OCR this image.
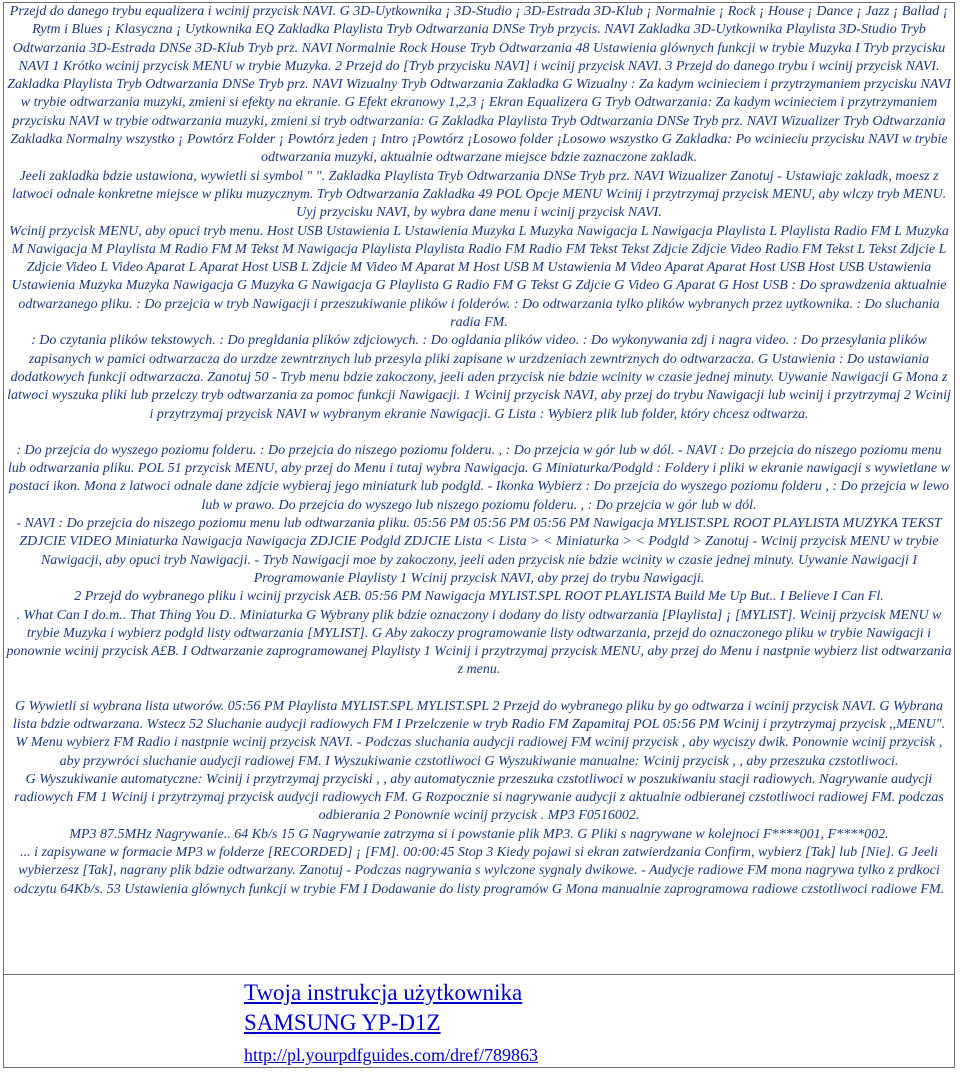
Przejd do danego trybu equalizera i wcinij przycisk NAVI. G 3D-Uytkownika ¡ 3D-Studio ¡ 3D-Estrada 3D-Klub ¡ Normalnie ¡ Rock ¡ House ¡ Dance ¡ Jazz ¡ Ballad ¡ Rytm i Blues ¡ Klasyczna ¡ Uytkownika EQ Zakladka Playlista Tryb Odtwarzania DNSe Tryb przycis. NAVI Zakladka 3D-Uytkownika Playlista 3D-Studio Tryb Odtwarzania 3D-Estrada DNSe 3D-Klub Tryb prz. NAVI Normalnie Rock House Tryb Odtwarzania 48 Ustawienia glównych funkcji w trybie Muzyka I Tryb przycisku NAVI 1 Krótko wcinij przycisk MENU w trybie Muzyka. 2 Przejd do [Tryb przycisku NAVI] i wcinij przycisk NAVI. 3 Przejd do danego trybu i wcinij przycisk NAVI. Zakladka Playlista Tryb Odtwarzania DNSe Tryb prz. NAVI Wizualny Tryb Odtwarzania Zakladka G Wizualny : Za kadym wcinieciem i przytrzymaniem przycisku NAVI w trybie odtwarzania muzyki, zmieni si efekty na ekranie. G Efekt ekranowy 1,2,3 ¡ Ekran Equalizera G Tryb Odtwarzania: Za kadym wcinieciem i przytrzymaniem przycisku NAVI w trybie odtwarzania muzyki, zmieni si tryb odtwarzania: G Zakladka Playlista Tryb Odtwarzania DNSe Tryb prz. NAVI Wizualizer Tryb Odtwarzania Zakladka Normalny wszystko ¡ Powtórz Folder ¡ Powtórz jeden ¡ Intro ¡Powtórz ¡Losowo folder ¡Losowo wszystko G Zakladka: Po wcinieciu przycisku NAVI w trybie odtwarzania muzyki, aktualnie odtwarzane miejsce bdzie zaznaczone zakladk.

Jeeli zakladka bdzie ustawiona, wywietli si symbol " ". Zakladka Playlista Tryb Odtwarzania DNSe Tryb prz. NAVI Wizualizer Zanotuj - Ustawiajc zakladk, moesz z latwoci odnale konkretne miejsce w pliku muzycznym. Tryb Odtwarzania Zakladka 49 POL Opcje MENU Wcinij i przytrzymaj przycisk MENU, aby wlczy tryb MENU. Uyj przycisku NAVI, by wybra dane menu i wcinij przycisk NAVI.

Wcinij przycisk MENU, aby opuci tryb menu. Host USB Ustawienia L Ustawienia Muzyka L Muzyka Nawigacja L Nawigacja Playlista L Playlista Radio FM L Muzyka M Nawigacja M Playlista M Radio FM M Tekst M Nawigacja Playlista Playlista Radio FM Radio FM Tekst Tekst Zdjcie Zdjcie Video Radio FM Tekst L Tekst Zdjcie L Zdjcie Video L Video Aparat L Aparat Host USB L Zdjcie M Video M Aparat M Host USB M Ustawienia M Video Aparat Aparat Host USB Host USB Ustawienia Ustawienia Muzyka Muzyka Nawigacja G Muzyka G Nawigacja G Playlista G Radio FM G Tekst G Zdjcie G Video G Aparat G Host USB : Do sprawdzenia aktualnie odtwarzanego pliku. : Do przejcia w tryb Nawigacji i przeszukiwanie plików i folderów. : Do odtwarzania tylko plików wybranych przez uytkownika. : Do sluchania radia FM.

: Do czytania plików tekstowych. : Do pregldania plików zdjciowych. : Do ogldania plików video. : Do wykonywania zdj i nagra video. : Do przesylania plików zapisanych w pamici odtwarzacza do urzdze zewntrznych lub przesyla pliki zapisane w urzdzeniach zewntrznych do odtwarzacza. G Ustawienia : Do ustawiania dodatkowych funkcji odtwarzacza. Zanotuj 50 - Tryb menu bdzie zakoczony, jeeli aden przycisk nie bdzie wcinity w czasie jednej minuty. Uywanie Nawigacji G Mona z latwoci wyszuka pliki lub przelczy tryb odtwarzania za pomoc funkcji Nawigacji. 1 Wcinij przycisk NAVI, aby przej do trybu Nawigacji lub wcinij i przytrzymaj 2 Wcinij i przytrzymaj przycisk NAVI w wybranym ekranie Nawigacji. G Lista : Wybierz plik lub folder, który chcesz odtwarza.

: Do przejcia do wyszego poziomu folderu. : Do przejcia do niszego poziomu folderu. , : Do przejcia w gór lub w dól. - NAVI : Do przejcia do niszego poziomu menu lub odtwarzania pliku. POL 51 przycisk MENU, aby przej do Menu i tutaj wybra Nawigacja. G Miniaturka/Podgld : Foldery i pliki w ekranie nawigacji s wywietlane w postaci ikon. Mona z latwoci odnale dane zdjcie wybieraj jego miniaturk lub podgld. - Ikonka Wybierz : Do przejcia do wyszego poziomu folderu , : Do przejcia w lewo lub w prawo. Do przejcia do wyszego lub niszego poziomu folderu. , : Do przejcia w gór lub w dól.

- NAVI : Do przejcia do niszego poziomu menu lub odtwarzania pliku. 05:56 PM 05:56 PM 05:56 PM Nawigacja MYLIST.SPL ROOT PLAYLISTA MUZYKA TEKST ZDJCIE VIDEO Miniaturka Nawigacja Nawigacja ZDJCIE Podgld ZDJCIE Lista < Lista > < Miniaturka > < Podgld > Zanotuj - Wcinij przycisk MENU w trybie Nawigacji, aby opuci tryb Nawigacji. - Tryb Nawigacji moe by zakoczony, jeeli aden przycisk nie bdzie wcinity w czasie jednej minuty. Uywanie Nawigacji I Programowanie Playlisty 1 Wcinij przycisk NAVI, aby przej do trybu Nawigacji.

2 Przejd do wybranego pliku i wcinij przycisk A£B. 05:56 PM Nawigacja MYLIST.SPL ROOT PLAYLISTA Build Me Up But.. I Believe I Can Fl.

. What Can I do.m.. That Thing You D.. Miniaturka G Wybrany plik bdzie oznaczony i dodany do listy odtwarzania [Playlista] ¡ [MYLIST]. Wcinij przycisk MENU w trybie Muzyka i wybierz podgld listy odtwarzania [MYLIST]. G Aby zakoczy programowanie listy odtwarzania, przejd do oznaczonego pliku w trybie Nawigacji i ponownie wcinij przycisk A£B. I Odtwarzanie zaprogramowanej Playlisty 1 Wcinij i przytrzymaj przycisk MENU, aby przej do Menu i nastpnie wybierz list odtwarzania z menu.

G Wywietli si wybrana lista utworów. 05:56 PM Playlista MYLIST.SPL MYLIST.SPL 2 Przejd do wybranego pliku by go odtwarza i wcinij przycisk NAVI. G Wybrana lista bdzie odtwarzana. Wstecz 52 Sluchanie audycji radiowych FM I Przelczenie w tryb Radio FM Zapamitaj POL 05:56 PM Wcinij i przytrzymaj przycisk ,,MENU". W Menu wybierz FM Radio i nastpnie wcinij przycisk NAVI. - Podczas sluchania audycji radiowej FM wcinij przycisk , aby wyciszy dwik. Ponownie wcinij przycisk , aby przywróci sluchanie audycji radiowej FM. I Wyszukiwanie czstotliwoci G Wyszukiwanie manualne: Wcinij przycisk , , aby przeszuka czstotliwoci.

G Wyszukiwanie automatyczne: Wcinij i przytrzymaj przyciski , , aby automatycznie przeszuka czstotliwoci w poszukiwaniu stacji radiowych. Nagrywanie audycji radiowych FM 1 Wcinij i przytrzymaj przycisk audycji radiowych FM. G Rozpocznie si nagrywanie audycji z aktualnie odbieranej czstotliwoci radiowej FM. podczas odbierania 2 Ponownie wcinij przycisk . MP3 F0516002.

MP3 87.5MHz Nagrywanie.. 64 Kb/s 15 G Nagrywanie zatrzyma si i powstanie plik MP3. G Pliki s nagrywane w kolejnoci F****001, F****002.

... i zapisywane w formacie MP3 w folderze [RECORDED] ¡ [FM]. 00:00:45 Stop 3 Kiedy pojawi si ekran zatwierdzania Confirm, wybierz [Tak] lub [Nie]. G Jeeli wybierzesz [Tak], nagrany plik bdzie odtwarzany. Zanotuj - Podczas nagrywania s wylczone sygnaly dwikowe. - Audycje radiowe FM mona nagrywa tylko z prdkoci odczytu 64Kb/s. 53 Ustawienia glównych funkcji w trybie FM I Dodawanie do listy programów G Mona manualnie zaprogramowa radiowe czstotliwoci radiowe FM.

Twoja instrukcja użytkownika
SAMSUNG YP-D1Z
http://pl.yourpdfguides.com/dref/789863
